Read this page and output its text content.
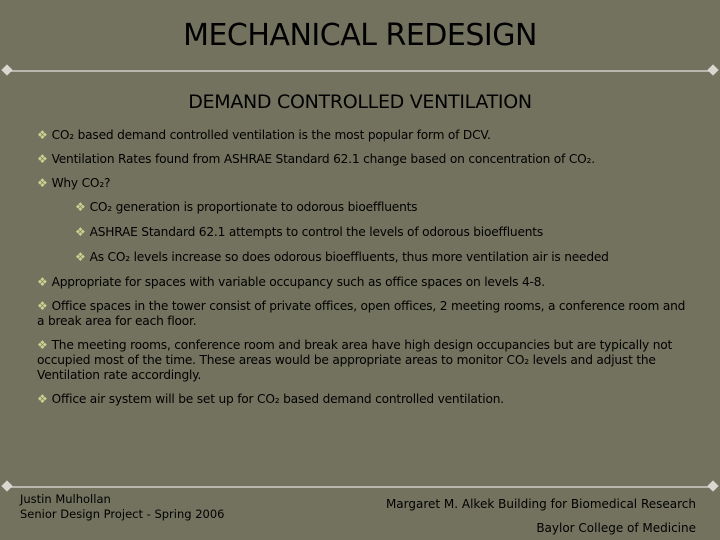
MECHANICAL REDESIGN
DEMAND CONTROLLED VENTILATION
❖ CO₂ based demand controlled ventilation is the most popular form of DCV.
❖ Ventilation Rates found from ASHRAE Standard 62.1 change based on concentration of CO₂.
❖ Why CO₂?
❖ CO₂ generation is proportionate to odorous bioeffluents
❖ ASHRAE Standard 62.1 attempts to control the levels of odorous bioeffluents
❖ As CO₂ levels increase so does odorous bioeffluents, thus more ventilation air is needed
❖ Appropriate for spaces with variable occupancy such as office spaces on levels 4-8.
❖ Office spaces in the tower consist of private offices, open offices, 2 meeting rooms, a conference room and a break area for each floor.
❖ The meeting rooms, conference room and break area have high design occupancies but are typically not occupied most of the time. These areas would be appropriate areas to monitor CO₂ levels and adjust the Ventilation rate accordingly.
❖ Office air system will be set up for CO₂ based demand controlled ventilation.
Justin Mulhollan
Senior Design Project - Spring 2006
Margaret M. Alkek Building for Biomedical Research
Baylor College of Medicine
